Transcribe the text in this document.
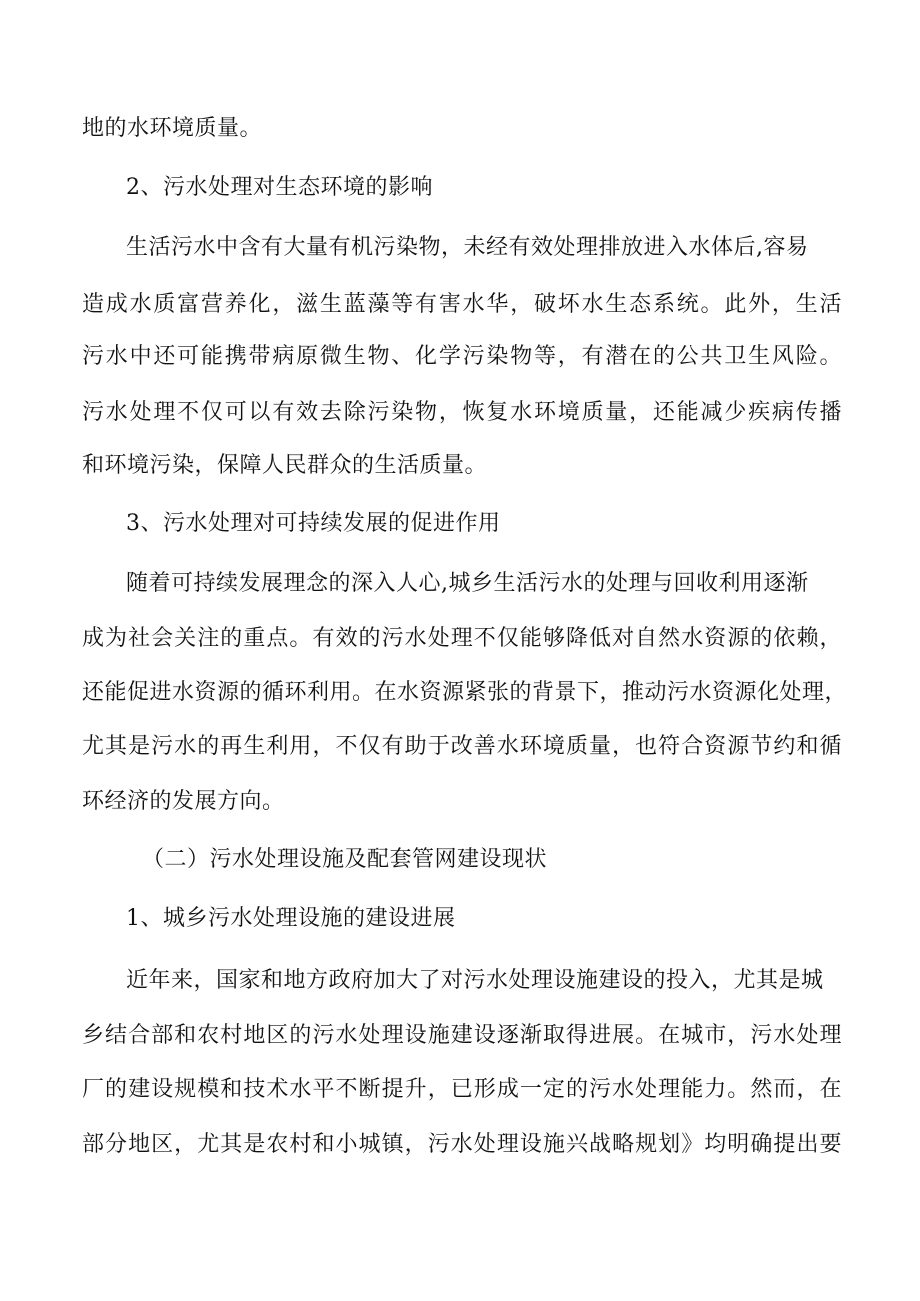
地的水环境质量。
2、污水处理对生态环境的影响
生活污水中含有大量有机污染物，未经有效处理排放进入水体后,容易
造成水质富营养化，滋生蓝藻等有害水华，破坏水生态系统。此外，生活
污水中还可能携带病原微生物、化学污染物等，有潜在的公共卫生风险。
污水处理不仅可以有效去除污染物，恢复水环境质量，还能减少疾病传播
和环境污染，保障人民群众的生活质量。
3、污水处理对可持续发展的促进作用
随着可持续发展理念的深入人心,城乡生活污水的处理与回收利用逐渐
成为社会关注的重点。有效的污水处理不仅能够降低对自然水资源的依赖，
还能促进水资源的循环利用。在水资源紧张的背景下，推动污水资源化处理，
尤其是污水的再生利用，不仅有助于改善水环境质量，也符合资源节约和循
环经济的发展方向。
（二）污水处理设施及配套管网建设现状
1、城乡污水处理设施的建设进展
近年来，国家和地方政府加大了对污水处理设施建设的投入，尤其是城
乡结合部和农村地区的污水处理设施建设逐渐取得进展。在城市，污水处理
厂的建设规模和技术水平不断提升，已形成一定的污水处理能力。然而，在
部分地区，尤其是农村和小城镇，污水处理设施兴战略规划》均明确提出要
